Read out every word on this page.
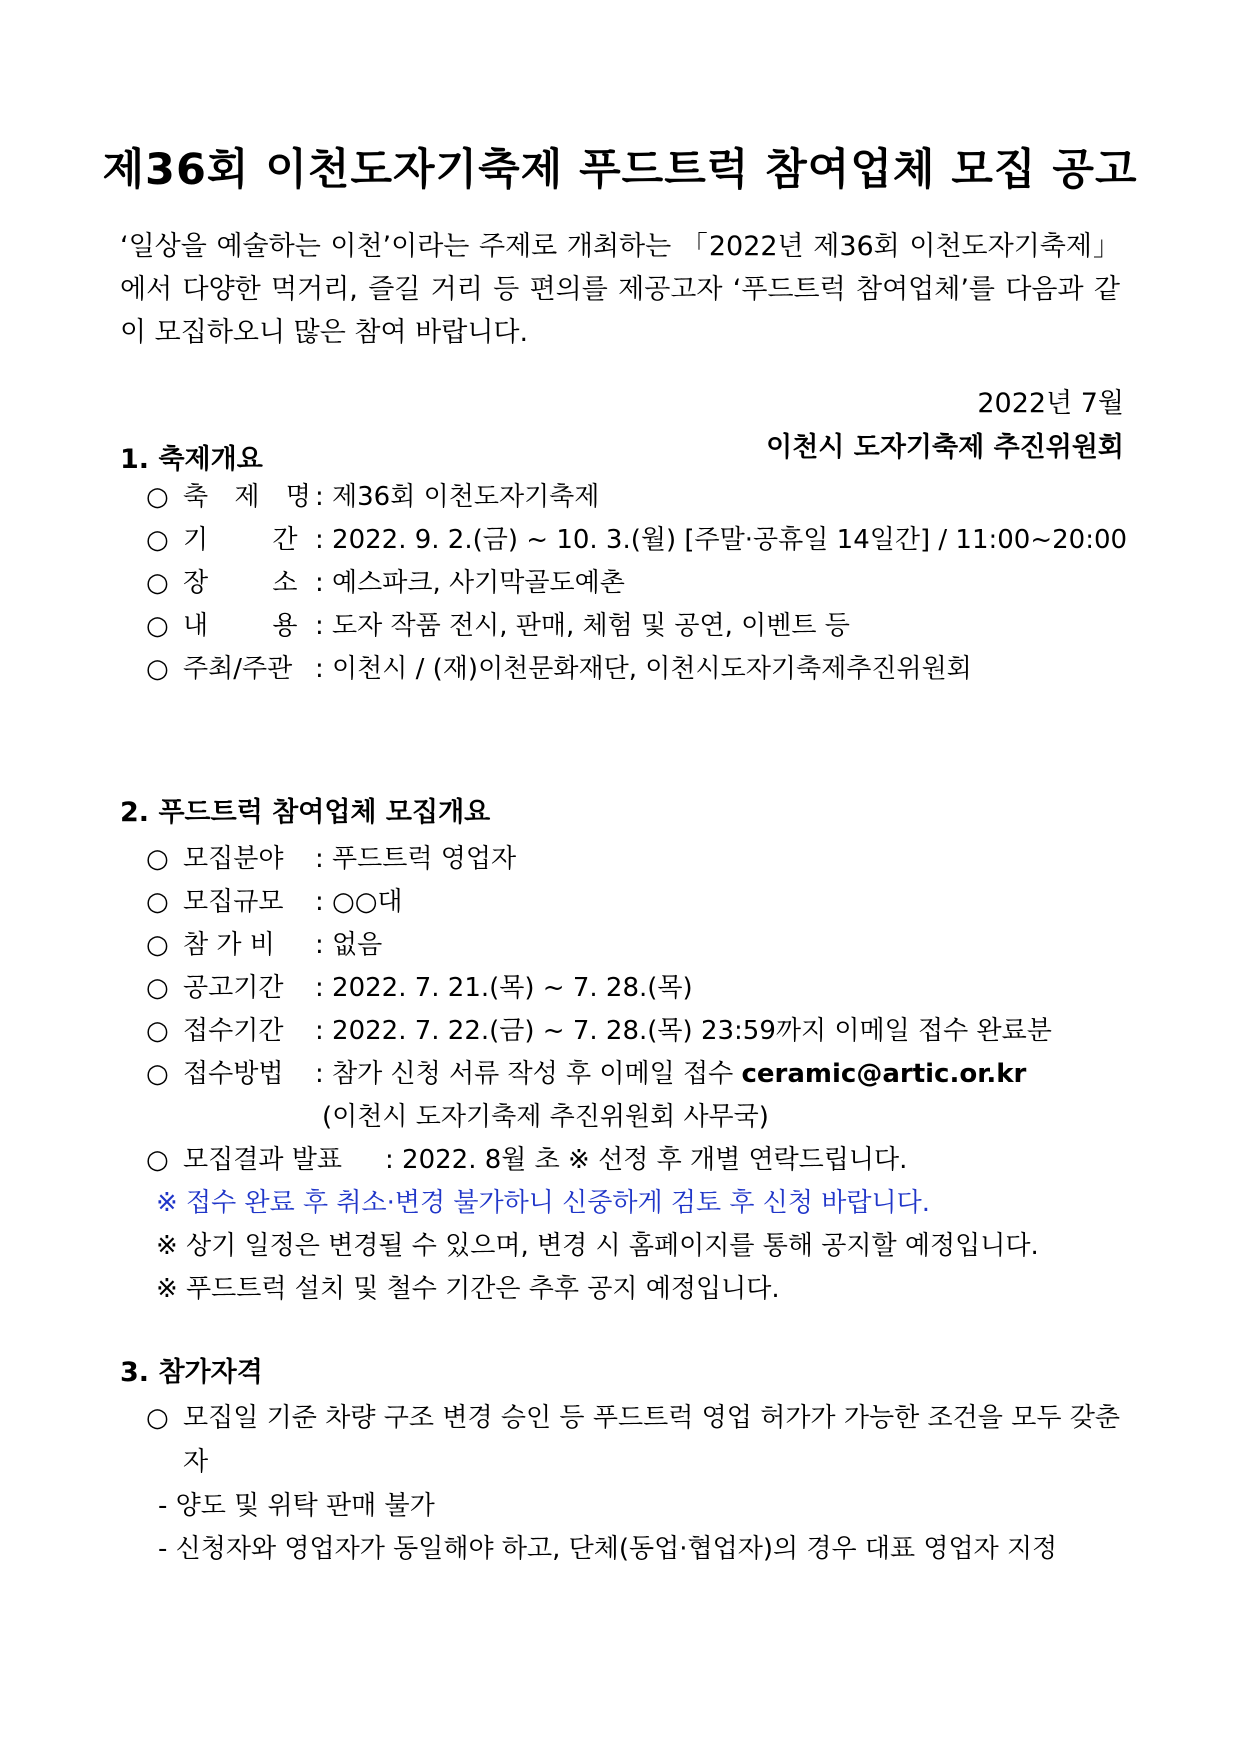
제36회 이천도자기축제 푸드트럭 참여업체 모집 공고
‘일상을 예술하는 이천’이라는 주제로 개최하는 「2022년 제36회 이천도자기축제」에서 다양한 먹거리, 즐길 거리 등 편의를 제공고자 ‘푸드트럭 참여업체’를 다음과 같이 모집하오니 많은 참여 바랍니다.
2022년 7월
이천시 도자기축제 추진위원회
1. 축제개요
○ 축 제 명: 제36회 이천도자기축제
○ 기 간 : 2022. 9. 2.(금) ~ 10. 3.(월) [주말·공휴일 14일간] / 11:00~20:00
○ 장 소 : 예스파크, 사기막골도예촌
○ 내 용 : 도자 작품 전시, 판매, 체험 및 공연, 이벤트 등
○ 주최/주관 : 이천시 / (재)이천문화재단, 이천시도자기축제추진위원회
2. 푸드트럭 참여업체 모집개요
○ 모집분야 : 푸드트럭 영업자
○ 모집규모 : ○○대
○ 참 가 비 : 없음
○ 공고기간 : 2022. 7. 21.(목) ~ 7. 28.(목)
○ 접수기간 : 2022. 7. 22.(금) ~ 7. 28.(목) 23:59까지 이메일 접수 완료분
○ 접수방법 : 참가 신청 서류 작성 후 이메일 접수 ceramic@artic.or.kr
(이천시 도자기축제 추진위원회 사무국)
○ 모집결과 발표 : 2022. 8월 초 ※ 선정 후 개별 연락드립니다.
※ 접수 완료 후 취소·변경 불가하니 신중하게 검토 후 신청 바랍니다.
※ 상기 일정은 변경될 수 있으며, 변경 시 홈페이지를 통해 공지할 예정입니다.
※ 푸드트럭 설치 및 철수 기간은 추후 공지 예정입니다.
3. 참가자격
○ 모집일 기준 차량 구조 변경 승인 등 푸드트럭 영업 허가가 가능한 조건을 모두 갖춘 자
- 양도 및 위탁 판매 불가
- 신청자와 영업자가 동일해야 하고, 단체(동업·협업자)의 경우 대표 영업자 지정
